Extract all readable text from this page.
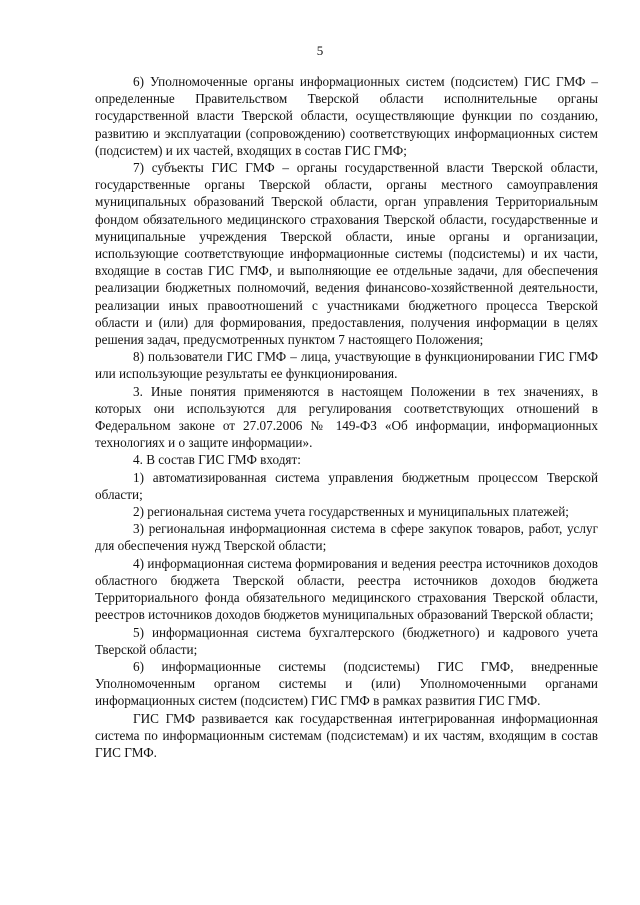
5

6) Уполномоченные органы информационных систем (подсистем) ГИС ГМФ – определенные Правительством Тверской области исполнительные органы государственной власти Тверской области, осуществляющие функции по созданию, развитию и эксплуатации (сопровождению) соответствующих информационных систем (подсистем) и их частей, входящих в состав ГИС ГМФ;

7) субъекты ГИС ГМФ – органы государственной власти Тверской области, государственные органы Тверской области, органы местного самоуправления муниципальных образований Тверской области, орган управления Территориальным фондом обязательного медицинского страхования Тверской области, государственные и муниципальные учреждения Тверской области, иные органы и организации, использующие соответствующие информационные системы (подсистемы) и их части, входящие в состав ГИС ГМФ, и выполняющие ее отдельные задачи, для обеспечения реализации бюджетных полномочий, ведения финансово-хозяйственной деятельности, реализации иных правоотношений с участниками бюджетного процесса Тверской области и (или) для формирования, предоставления, получения информации в целях решения задач, предусмотренных пунктом 7 настоящего Положения;

8) пользователи ГИС ГМФ – лица, участвующие в функционировании ГИС ГМФ или использующие результаты ее функционирования.

3. Иные понятия применяются в настоящем Положении в тех значениях, в которых они используются для регулирования соответствующих отношений в Федеральном законе от 27.07.2006 № 149-ФЗ «Об информации, информационных технологиях и о защите информации».

4. В состав ГИС ГМФ входят:

1) автоматизированная система управления бюджетным процессом Тверской области;

2) региональная система учета государственных и муниципальных платежей;

3) региональная информационная система в сфере закупок товаров, работ, услуг для обеспечения нужд Тверской области;

4) информационная система формирования и ведения реестра источников доходов областного бюджета Тверской области, реестра источников доходов бюджета Территориального фонда обязательного медицинского страхования Тверской области, реестров источников доходов бюджетов муниципальных образований Тверской области;

5) информационная система бухгалтерского (бюджетного) и кадрового учета Тверской области;

6) информационные системы (подсистемы) ГИС ГМФ, внедренные Уполномоченным органом системы и (или) Уполномоченными органами информационных систем (подсистем) ГИС ГМФ в рамках развития ГИС ГМФ.

ГИС ГМФ развивается как государственная интегрированная информационная система по информационным системам (подсистемам) и их частям, входящим в состав ГИС ГМФ.
